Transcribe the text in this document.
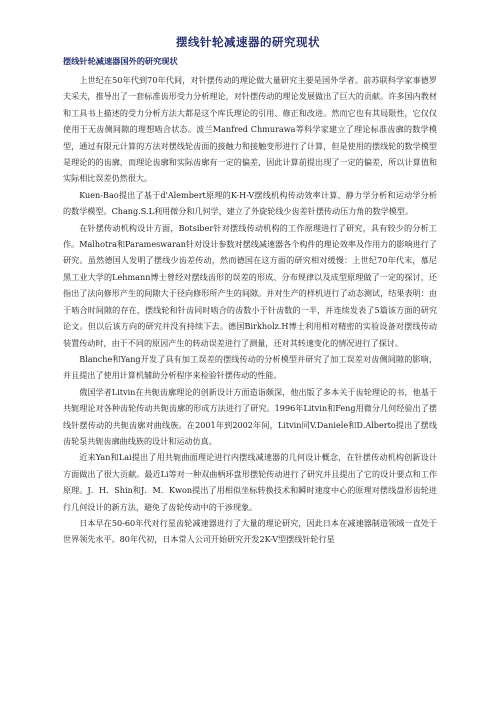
摆线针轮减速器的研究现状
摆线针轮减速器国外的研究现状

上世纪在50年代到70年代间，对针摆传动的理论做大量研究主要是国外学者。前苏联科学家事德罗夫采夫，推导出了一套标准齿形受力分析理论，对针摆传动的理论发展做出了巨大的贡献。许多国内教材和工具书上描述的受力分析方法大都是这个库氏理论的引用、修正和改进。然而它也有其局限性，它仅仅使用于无齿侧间隙的理想啮合状态。波兰Manfred Chmurawa等科学家建立了理论标准齿廓的数学模型，通过有限元计算的方法对摆线轮齿面的接触力和接触变形进行了计算，但是使用的摆线轮的数学模型是理论的的齿廓，而理论齿廓和实际齿廓有一定的偏差，因此计算前提出现了一定的偏差，所以计算值和实际相比误差仍然很大。

Kuen-Bao提出了基于d'Alembert原理的K-H-V摆线机构传动效率计算、静力学分析和运动学分析的数学模型。Chang.S.L利用微分和几何学，建立了外旋轮线少齿差针摆传动压力角的数学模型。

在针摆传动机构设计方面，Botsiber针对摆线传动机构的工作原理进行了研究，具有较少的分析工作。Malhotra和Parameswaran针对设计参数对摆线减速器各个构件的理论效率及作用力的影响进行了研究。虽然德国人发明了摆线少齿差传动，然而德国在这方面的研究相对缓慢：上世纪70年代末，慕尼黑工业大学的Lehmann博士曾经对摆线齿形的误差的形成、分布规律以及成型原理做了一定的探讨，还指出了法向修形产生的间隙大于径向修形所产生的间隙。并对生产的样机进行了动态测试，结果表明：由于啮合时间隙的存在，摆线轮和针齿同时啮合的齿数小于针齿数的一半，并连续发表了5篇该方面的研究论文。但以后该方向的研究并没有持续下去。德国Birkholz.H博士利用相对精密的实验设备对摆线传动装置传动时，由于不同的原因产生的转动误差进行了测量，还对其转速变化的情况进行了探讨。

Blanche和Yang开发了具有加工误差的摆线传动的分析模型并研究了加工误差对齿侧间隙的影响，并且提出了使用计算机辅助分析程序来检验针摆传动的性能。

俄国学者Litvin在共轭齿廓理论的创新设计方面造诣颇深，他出版了多本关于齿轮理论的书，他基于共轭理论对各种齿轮传动共轭齿廓的形成方法进行了研究。1996年Litvin和Feng用微分几何经验出了摆线针摆传动的共轭齿廓对曲线族。在2001年到2002年间，Litvin同V.Daniele和D.Alberto提出了摆线齿轮泵共轭齿廓曲线族的设计和运动仿真。

近来Yan和Lai提出了用共轭曲面理论进行内摆线减速器的几何设计概念，在针摆传动机构创新设计方面做出了很大贡献。最近Li等对一种双曲柄环盘形摆轮传动进行了研究并且提出了它的设计要点和工作原理。J．H．Shin和J．M．Kwon提出了用相似坐标转换技术和瞬时速度中心的原理对摆线盘形齿轮进行几何设计的新方法，避免了齿轮传动中的干涉现象。

日本早在50-60年代对行星齿轮减速器进行了大量的理论研究，因此日本在减速器制造领域一直处于世界领先水平。80年代初，日本常人公司开始研究开发2K-V型摆线针轮行星
